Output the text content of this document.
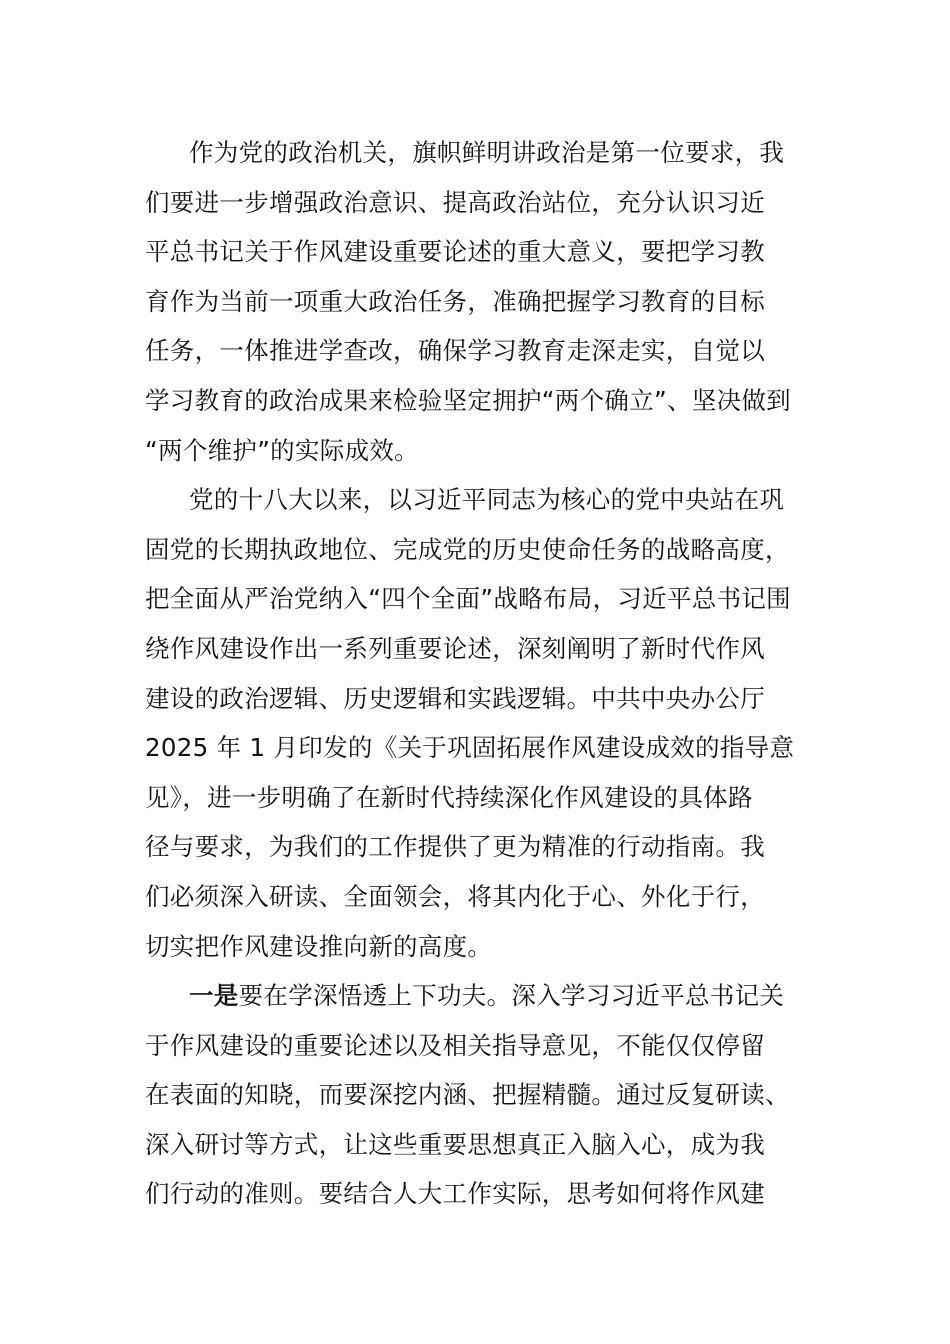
作为党的政治机关，旗帜鲜明讲政治是第一位要求，我
们要进一步增强政治意识、提高政治站位，充分认识习近
平总书记关于作风建设重要论述的重大意义，要把学习教
育作为当前一项重大政治任务，准确把握学习教育的目标
任务，一体推进学查改，确保学习教育走深走实，自觉以
学习教育的政治成果来检验坚定拥护“两个确立”、坚决做到
“两个维护”的实际成效。
党的十八大以来，以习近平同志为核心的党中央站在巩
固党的长期执政地位、完成党的历史使命任务的战略高度，
把全面从严治党纳入“四个全面”战略布局，习近平总书记围
绕作风建设作出一系列重要论述，深刻阐明了新时代作风
建设的政治逻辑、历史逻辑和实践逻辑。中共中央办公厅
2025 年 1 月印发的《关于巩固拓展作风建设成效的指导意
见》，进一步明确了在新时代持续深化作风建设的具体路
径与要求，为我们的工作提供了更为精准的行动指南。我
们必须深入研读、全面领会，将其内化于心、外化于行，
切实把作风建设推向新的高度。
一是要在学深悟透上下功夫。深入学习习近平总书记关
于作风建设的重要论述以及相关指导意见，不能仅仅停留
在表面的知晓，而要深挖内涵、把握精髓。通过反复研读、
深入研讨等方式，让这些重要思想真正入脑入心，成为我
们行动的准则。要结合人大工作实际，思考如何将作风建
